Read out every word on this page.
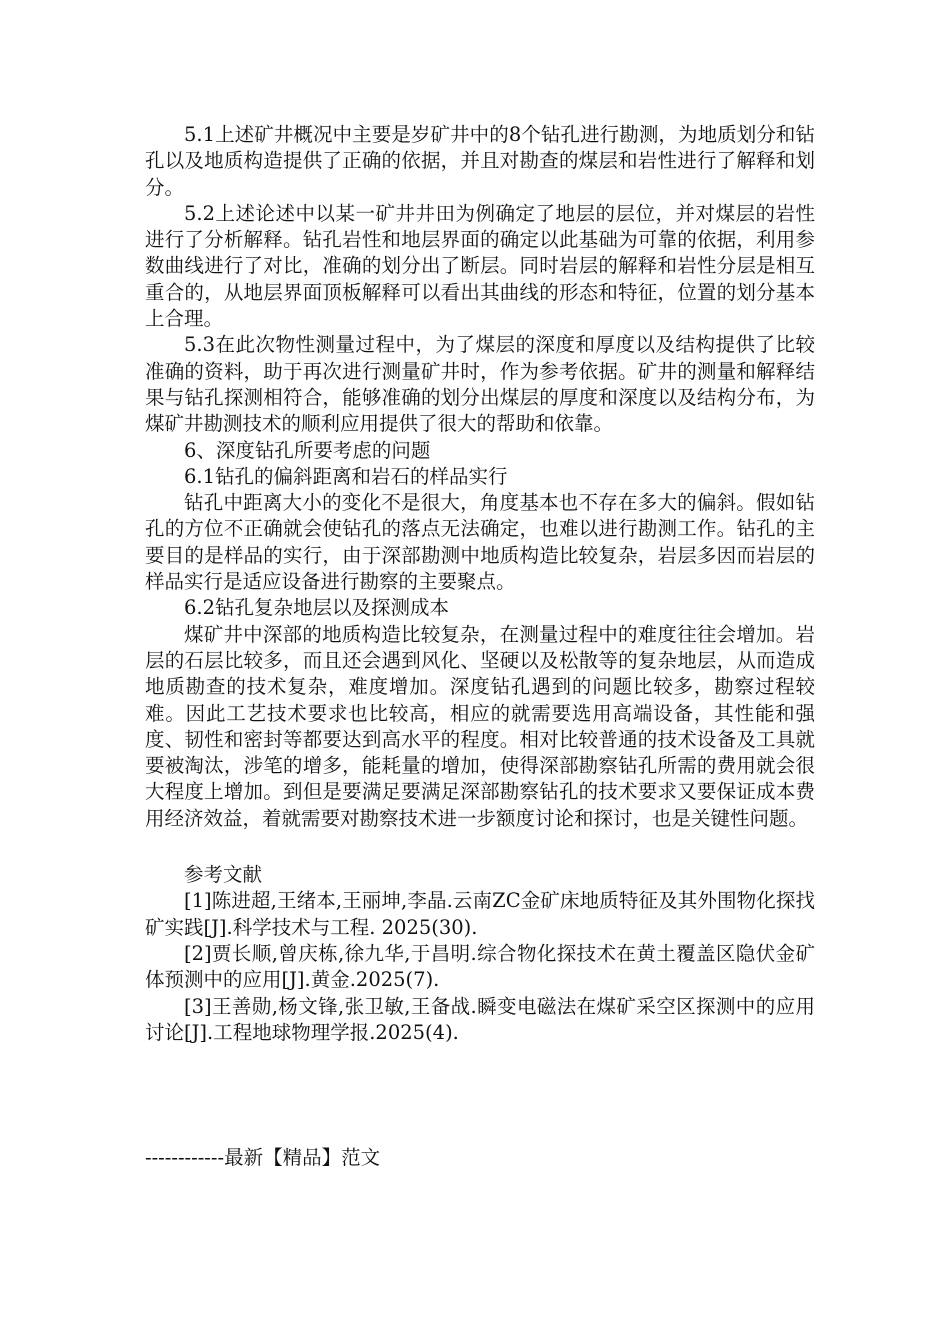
5.1上述矿井概况中主要是岁矿井中的8个钻孔进行勘测，为地质划分和钻孔以及地质构造提供了正确的依据，并且对勘查的煤层和岩性进行了解释和划分。

5.2上述论述中以某一矿井井田为例确定了地层的层位，并对煤层的岩性进行了分析解释。钻孔岩性和地层界面的确定以此基础为可靠的依据，利用参数曲线进行了对比，准确的划分出了断层。同时岩层的解释和岩性分层是相互重合的，从地层界面顶板解释可以看出其曲线的形态和特征，位置的划分基本上合理。

5.3在此次物性测量过程中，为了煤层的深度和厚度以及结构提供了比较准确的资料，助于再次进行测量矿井时，作为参考依据。矿井的测量和解释结果与钻孔探测相符合，能够准确的划分出煤层的厚度和深度以及结构分布，为煤矿井勘测技术的顺利应用提供了很大的帮助和依靠。

6、深度钻孔所要考虑的问题

6.1钻孔的偏斜距离和岩石的样品实行

钻孔中距离大小的变化不是很大，角度基本也不存在多大的偏斜。假如钻孔的方位不正确就会使钻孔的落点无法确定，也难以进行勘测工作。钻孔的主要目的是样品的实行，由于深部勘测中地质构造比较复杂，岩层多因而岩层的样品实行是适应设备进行勘察的主要聚点。

6.2钻孔复杂地层以及探测成本

煤矿井中深部的地质构造比较复杂，在测量过程中的难度往往会增加。岩层的石层比较多，而且还会遇到风化、坚硬以及松散等的复杂地层，从而造成地质勘查的技术复杂，难度增加。深度钻孔遇到的问题比较多，勘察过程较难。因此工艺技术要求也比较高，相应的就需要选用高端设备，其性能和强度、韧性和密封等都要达到高水平的程度。相对比较普通的技术设备及工具就要被淘汰，涉笔的增多，能耗量的增加，使得深部勘察钻孔所需的费用就会很大程度上增加。到但是要满足要满足深部勘察钻孔的技术要求又要保证成本费用经济效益，着就需要对勘察技术进一步额度讨论和探讨，也是关键性问题。

参考文献

[1]陈进超,王绪本,王丽坤,李晶.云南ZC金矿床地质特征及其外围物化探找矿实践[J].科学技术与工程. 2025(30).

[2]贾长顺,曾庆栋,徐九华,于昌明.综合物化探技术在黄土覆盖区隐伏金矿体预测中的应用[J].黄金.2025(7).

[3]王善勋,杨文锋,张卫敏,王备战.瞬变电磁法在煤矿采空区探测中的应用讨论[J].工程地球物理学报.2025(4).

------------最新【精品】范文
